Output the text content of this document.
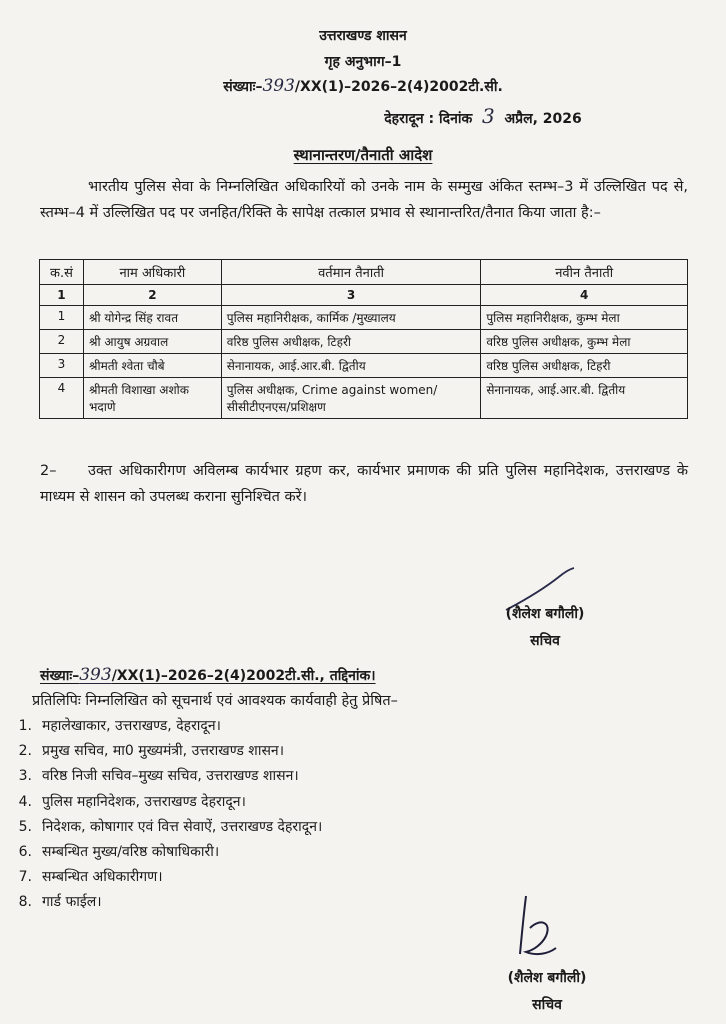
उत्तराखण्ड शासन
गृह अनुभाग–1
संख्याः–393/XX(1)–2026–2(4)2002टी.सी.
देहरादून : दिनांक 3 अप्रैल, 2026
स्थानान्तरण/तैनाती आदेश

भारतीय पुलिस सेवा के निम्नलिखित अधिकारियों को उनके नाम के सम्मुख अंकित स्तम्भ–3 में उल्लिखित पद से, स्तम्भ–4 में उल्लिखित पद पर जनहित/रिक्ति के सापेक्ष तत्काल प्रभाव से स्थानान्तरित/तैनात किया जाता है:–

क.सं	नाम अधिकारी	वर्तमान तैनाती	नवीन तैनाती
1	2	3	4
1	श्री योगेन्द्र सिंह रावत	पुलिस महानिरीक्षक, कार्मिक /मुख्यालय	पुलिस महानिरीक्षक, कुम्भ मेला
2	श्री आयुष अग्रवाल	वरिष्ठ पुलिस अधीक्षक, टिहरी	वरिष्ठ पुलिस अधीक्षक, कुम्भ मेला
3	श्रीमती श्वेता चौबे	सेनानायक, आई.आर.बी. द्वितीय	वरिष्ठ पुलिस अधीक्षक, टिहरी
4	श्रीमती विशाखा अशोक भदाणे	पुलिस अधीक्षक, Crime against women/सीसीटीएनएस/प्रशिक्षण	सेनानायक, आई.आर.बी. द्वितीय

2– उक्त अधिकारीगण अविलम्ब कार्यभार ग्रहण कर, कार्यभार प्रमाणक की प्रति पुलिस महानिदेशक, उत्तराखण्ड के माध्यम से शासन को उपलब्ध कराना सुनिश्चित करें।

(शैलेश बगौली)
सचिव
संख्याः–393/XX(1)–2026–2(4)2002टी.सी., तद्दिनांक।
प्रतिलिपिः निम्नलिखित को सूचनार्थ एवं आवश्यक कार्यवाही हेतु प्रेषित–
1. महालेखाकार, उत्तराखण्ड, देहरादून।
2. प्रमुख सचिव, मा0 मुख्यमंत्री, उत्तराखण्ड शासन।
3. वरिष्ठ निजी सचिव–मुख्य सचिव, उत्तराखण्ड शासन।
4. पुलिस महानिदेशक, उत्तराखण्ड देहरादून।
5. निदेशक, कोषागार एवं वित्त सेवाऐं, उत्तराखण्ड देहरादून।
6. सम्बन्धित मुख्य/वरिष्ठ कोषाधिकारी।
7. सम्बन्धित अधिकारीगण।
8. गार्ड फाईल।
(शैलेश बगौली)
सचिव
